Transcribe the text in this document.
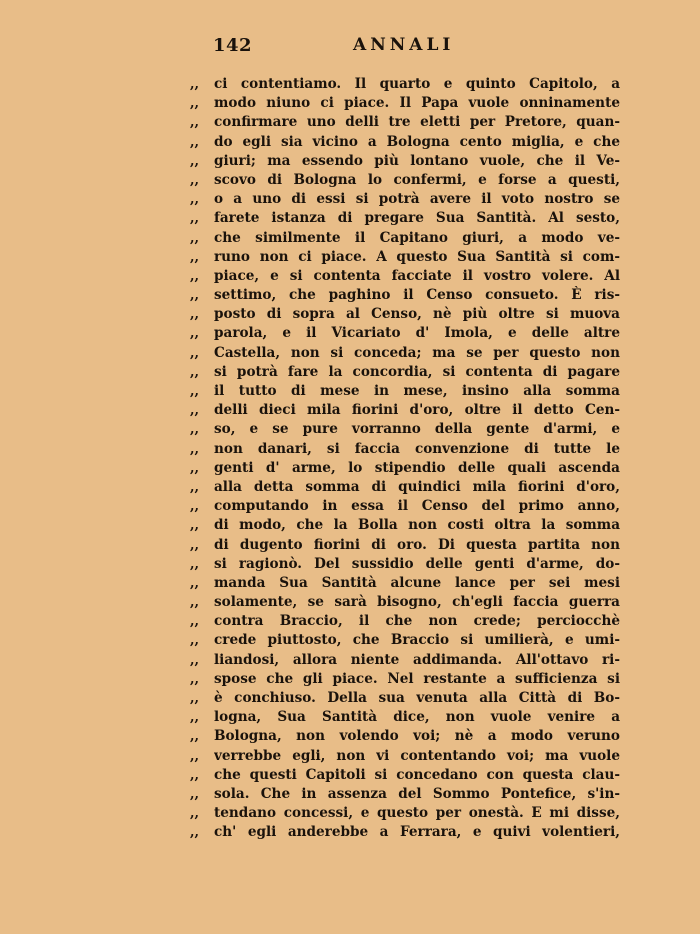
142	ANNALI
,,	ci contentiamo. Il quarto e quinto Capitolo, a
,,	modo niuno ci piace. Il Papa vuole onninamente
,,	confirmare uno delli tre eletti per Pretore, quan-
,,	do egli sia vicino a Bologna cento miglia, e che
,,	giuri; ma essendo più lontano vuole, che il Ve-
,,	scovo di Bologna lo confermi, e forse a questi,
,,	o a uno di essi si potrà avere il voto nostro se
,,	farete istanza di pregare Sua Santità. Al sesto,
,,	che similmente il Capitano giuri, a modo ve-
,,	runo non ci piace. A questo Sua Santità si com-
,,	piace, e si contenta facciate il vostro volere. Al
,,	settimo, che paghino il Censo consueto. È ris-
,,	posto di sopra al Censo, nè più oltre si muova
,,	parola, e il Vicariato d' Imola, e delle altre
,,	Castella, non si conceda; ma se per questo non
,,	si potrà fare la concordia, si contenta di pagare
,,	il tutto di mese in mese, insino alla somma
,,	delli dieci mila fiorini d'oro, oltre il detto Cen-
,,	so, e se pure vorranno della gente d'armi, e
,,	non danari, si faccia convenzione di tutte le
,,	genti d' arme, lo stipendio delle quali ascenda
,,	alla detta somma di quindici mila fiorini d'oro,
,,	computando in essa il Censo del primo anno,
,,	di modo, che la Bolla non costi oltra la somma
,,	di dugento fiorini di oro. Di questa partita non
,,	si ragionò. Del sussidio delle genti d'arme, do-
,,	manda Sua Santità alcune lance per sei mesi
,,	solamente, se sarà bisogno, ch'egli faccia guerra
,,	contra Braccio, il che non crede; perciocchè
,,	crede piuttosto, che Braccio si umilierà, e umi-
,,	liandosi, allora niente addimanda. All'ottavo ri-
,,	spose che gli piace. Nel restante a sufficienza si
,,	è conchiuso. Della sua venuta alla Città di Bo-
,,	logna, Sua Santità dice, non vuole venire a
,,	Bologna, non volendo voi; nè a modo veruno
,,	verrebbe egli, non vi contentando voi; ma vuole
,,	che questi Capitoli si concedano con questa clau-
,,	sola. Che in assenza del Sommo Pontefice, s'in-
,,	tendano concessi, e questo per onestà. E mi disse,
,,	ch' egli anderebbe a Ferrara, e quivi volentieri,
